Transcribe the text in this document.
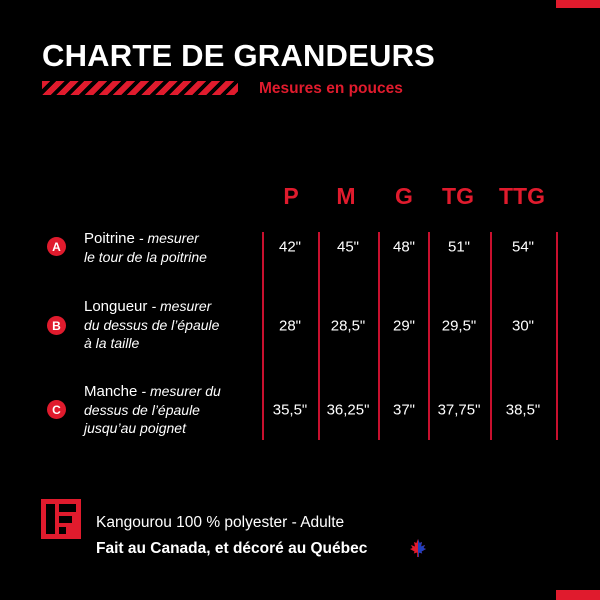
CHARTE DE GRANDEURS
Mesures en pouces
P M G TG TTG
A	Poitrine - mesurer
le tour de la poitrine
42" 45" 48" 51"	54"
B
Longueur - mesurer
du dessus de l’épaule
à la taille
28" 28,5" 29" 29,5" 30"
C
Manche - mesurer du
dessus de l’épaule
jusqu’au poignet
35,5" 36,25" 37" 37,75" 38,5"
Kangourou 100 % polyester - Adulte
Fait au Canada, et décoré au Québec
